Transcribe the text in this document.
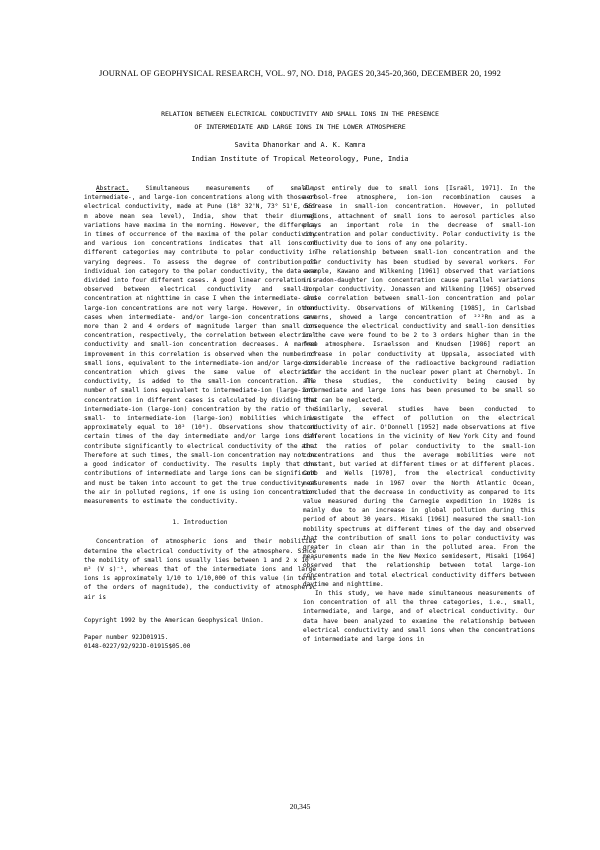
JOURNAL OF GEOPHYSICAL RESEARCH, VOL. 97, NO. D18, PAGES 20,345-20,360, DECEMBER 20, 1992
RELATION BETWEEN ELECTRICAL CONDUCTIVITY AND SMALL IONS IN THE PRESENCE
OF INTERMEDIATE AND LARGE IONS IN THE LOWER ATMOSPHERE
Savita Dhanorkar and A. K. Kamra
Indian Institute of Tropical Meteorology, Pune, India

Abstract.	Simultaneous measurements of small-, intermediate-, and large-ion concentrations along with those of electrical conductivity, made at Pune (18° 32'N, 73° 51'E, 559 m above mean sea level), India, show that their diurnal variations have maxima in the morning. However, the difference in times of occurrence of the maxima of the polar conductivity and various ion concentrations indicates that all ions of different categories may contribute to polar conductivity in varying degrees. To assess the degree of contribution of individual ion category to the polar conductivity, the data are divided into four different cases. A good linear correlation is observed between electrical conductivity and small-ion concentration at nighttime in case I when the intermediate- and large-ion concentrations are not very large. However, in other cases when intermediate- and/or large-ion concentrations are more than 2 and 4 orders of magnitude larger than small ion concentration, respectively, the correlation between electrical conductivity and small-ion concentration decreases. A marked improvement in this correlation is observed when the number of small ions, equivalent to the intermediate-ion and/or large-ion concentration which gives the same value of electrical conductivity, is added to the small-ion concentration. The number of small ions equivalent to intermediate-ion (large-ion) concentration in different cases is calculated by dividing the intermediate-ion (large-ion) concentration by the ratio of the small- to intermediate-ion (large-ion) mobilities which is approximately equal to 10² (10⁴). Observations show that at certain times of the day intermediate and/or large ions can contribute significantly to electrical conductivity of the air. Therefore at such times, the small-ion concentration may not be a good indicator of conductivity. The results imply that the contributions of intermediate and large ions can be significant and must be taken into account to get the true conductivity of the air in polluted regions, if one is using ion concentration measurements to estimate the conductivity.

1. Introduction

Concentration of atmospheric ions and their mobilities determine the electrical conductivity of the atmosphere. Since the mobility of small ions usually lies between 1 and 2 x 10⁻⁴ m² (V s)⁻¹, whereas that of the intermediate ions and large ions is approximately 1/10 to 1/10,000 of this value (in terms of the orders of magnitude), the conductivity of atmospheric air is

Copyright 1992 by the American Geophysical Union.

Paper number 92JD01915.

0148-0227/92/92JD-01915$05.00

almost entirely due to small ions [Israël, 1971]. In the aerosol-free atmosphere, ion-ion recombination causes a decrease in small-ion concentration. However, in polluted regions, attachment of small ions to aerosol particles also plays an important role in the decrease of small-ion concentration and polar conductivity. Polar conductivity is the conductivity due to ions of any one polarity.

The relationship between small-ion concentration and the polar conductivity has been studied by several workers. For example, Kawano and Wilkening [1961] observed that variations in radon-daughter ion concentration cause parallel variations in polar conductivity. Jonassen and Wilkening [1965] observed close correlation between small-ion concentration and polar conductivity. Observations of Wilkening [1985], in Carlsbad caverns, showed a large concentration of ²²²Rn and as a consequence the electrical conductivity and small-ion densities in the cave were found to be 2 to 3 orders higher than in the free atmosphere. Israelsson and Knudsen [1986] report an increase in polar conductivity at Uppsala, associated with considerable increase of the radioactive background radiation after the accident in the nuclear power plant at Chernobyl. In all these studies, the conductivity being caused by intermediate and large ions has been presumed to be small so that can be neglected.

Similarly, several studies have been conducted to investigate the effect of pollution on the electrical conductivity of air. O'Donnell [1952] made observations at five different locations in the vicinity of New York City and found that the ratios of polar conductivity to the small-ion concentrations and thus the average mobilities were not constant, but varied at different times or at different places. Cobb and Wells [1970], from the electrical conductivity measurements made in 1967 over the North Atlantic Ocean, concluded that the decrease in conductivity as compared to its value measured during the Carnegie expedition in 1920s is mainly due to an increase in global pollution during this period of about 30 years. Misaki [1961] measured the small-ion mobility spectrums at different times of the day and observed that the contribution of small ions to polar conductivity was greater in clean air than in the polluted area. From the measurements made in the New Mexico semidesert, Misaki [1964] observed that the relationship between total large-ion concentration and total electrical conductivity differs between daytime and nighttime.

In this study, we have made simultaneous measurements of ion concentration of all the three categories, i.e., small, intermediate, and large, and of electrical conductivity. Our data have been analyzed to examine the relationship between electrical conductivity and small ions when the concentrations of intermediate and large ions in

20,345
